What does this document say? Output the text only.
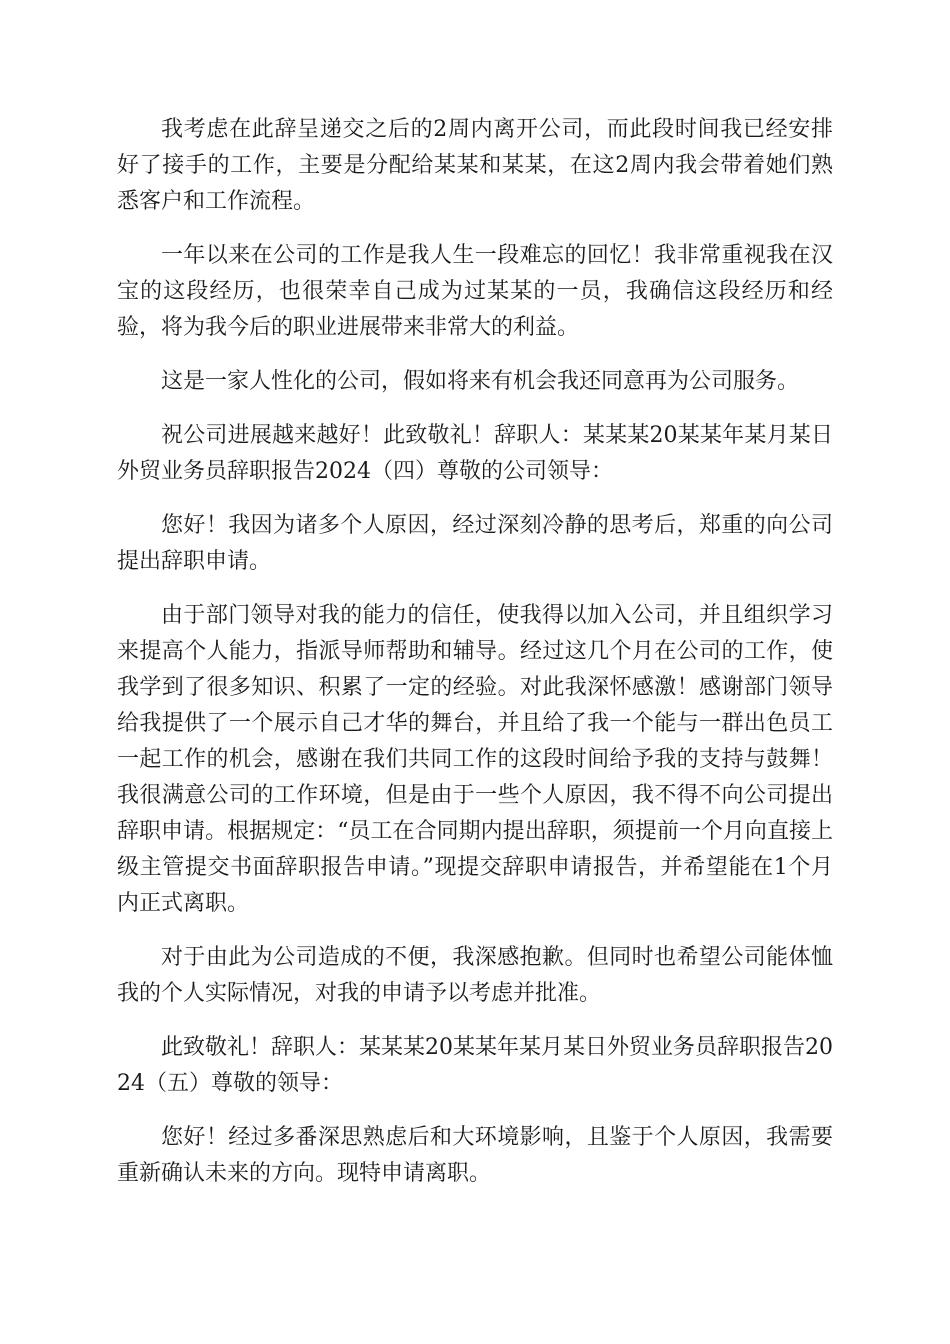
我考虑在此辞呈递交之后的2周内离开公司，而此段时间我已经安排好了接手的工作，主要是分配给某某和某某，在这2周内我会带着她们熟悉客户和工作流程。

一年以来在公司的工作是我人生一段难忘的回忆！我非常重视我在汉宝的这段经历，也很荣幸自己成为过某某的一员，我确信这段经历和经验，将为我今后的职业进展带来非常大的利益。

这是一家人性化的公司，假如将来有机会我还同意再为公司服务。

祝公司进展越来越好！此致敬礼！辞职人：某某某20某某年某月某日外贸业务员辞职报告2024（四）尊敬的公司领导：

您好！我因为诸多个人原因，经过深刻冷静的思考后，郑重的向公司提出辞职申请。

由于部门领导对我的能力的信任，使我得以加入公司，并且组织学习来提高个人能力，指派导师帮助和辅导。经过这几个月在公司的工作，使我学到了很多知识、积累了一定的经验。对此我深怀感激！感谢部门领导给我提供了一个展示自己才华的舞台，并且给了我一个能与一群出色员工一起工作的机会，感谢在我们共同工作的这段时间给予我的支持与鼓舞！我很满意公司的工作环境，但是由于一些个人原因，我不得不向公司提出辞职申请。根据规定：“员工在合同期内提出辞职，须提前一个月向直接上级主管提交书面辞职报告申请。”现提交辞职申请报告，并希望能在1个月内正式离职。

对于由此为公司造成的不便，我深感抱歉。但同时也希望公司能体恤我的个人实际情况，对我的申请予以考虑并批准。

此致敬礼！辞职人：某某某20某某年某月某日外贸业务员辞职报告2024（五）尊敬的领导：

您好！经过多番深思熟虑后和大环境影响，且鉴于个人原因，我需要重新确认未来的方向。现特申请离职。
